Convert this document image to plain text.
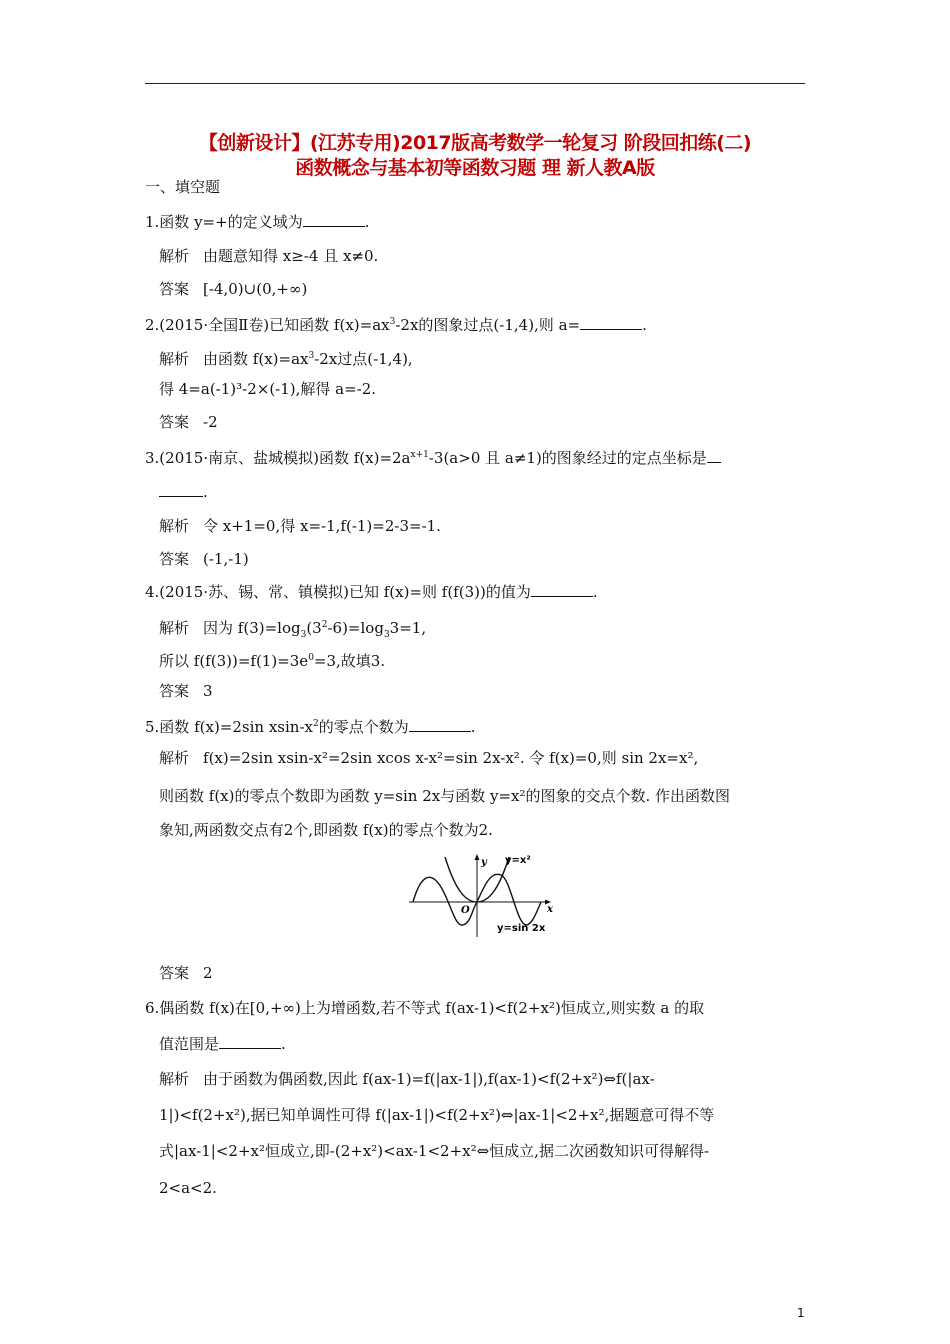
【创新设计】(江苏专用)2017版高考数学一轮复习 阶段回扣练(二)
函数概念与基本初等函数习题 理 新人教A版
一、填空题
1.函数 y=+的定义域为	.
解析 由题意知得 x≥-4 且 x≠0.
答案 [-4,0)∪(0,+∞)
2.(2015·全国Ⅱ卷)已知函数 $f(x)=ax^3-2x$的图象过点(-1,4),则 a=	.
解析 由函数 $f(x)=ax^3-2x$过点(-1,4),
得 4=a(-1)³-2×(-1),解得 a=-2.
答案 -2
3.(2015·南京、盐城模拟)函数 $f(x)=2a^{x+1}-3(a>0$ 且 a≠1)的图象经过的定点坐标是
.
解析 令 x+1=0,得 x=-1,f(-1)=2-3=-1.
答案 (-1,-1)
4.(2015·苏、锡、常、镇模拟)已知 f(x)=则 f(f(3))的值为	.
解析 因为 $f(3)=\log_3(3^2-6)=\log_33=1$,
所以 $f(f(3))=f(1)=3e^0=3$,故填3.
答案 3
5.函数 f(x)=2sin xsin-$x^2$的零点个数为	.
解析 f(x)=2sin xsin-x²=2sin xcos x-x²=sin 2x-x². 令 f(x)=0,则 sin 2x=x²,
则函数 f(x)的零点个数即为函数 y=sin 2x与函数 y=x²的图象的交点个数. 作出函数图
象知,两函数交点有2个,即函数 f(x)的零点个数为2.
y
x
O
y=x²
y=sin 2x
答案 2
6.偶函数 f(x)在[0,+∞)上为增函数,若不等式 f(ax-1)<f(2+x²)恒成立,则实数 a 的取
值范围是	.
解析 由于函数为偶函数,因此 f(ax-1)=f(|ax-1|),f(ax-1)<f(2+x²)⇔f(|ax-
1|)<f(2+x²),据已知单调性可得 f(|ax-1|)<f(2+x²)⇔|ax-1|<2+x²,据题意可得不等
式|ax-1|<2+x²恒成立,即-(2+x²)<ax-1<2+x²⇔恒成立,据二次函数知识可得解得-
2<a<2.
1
